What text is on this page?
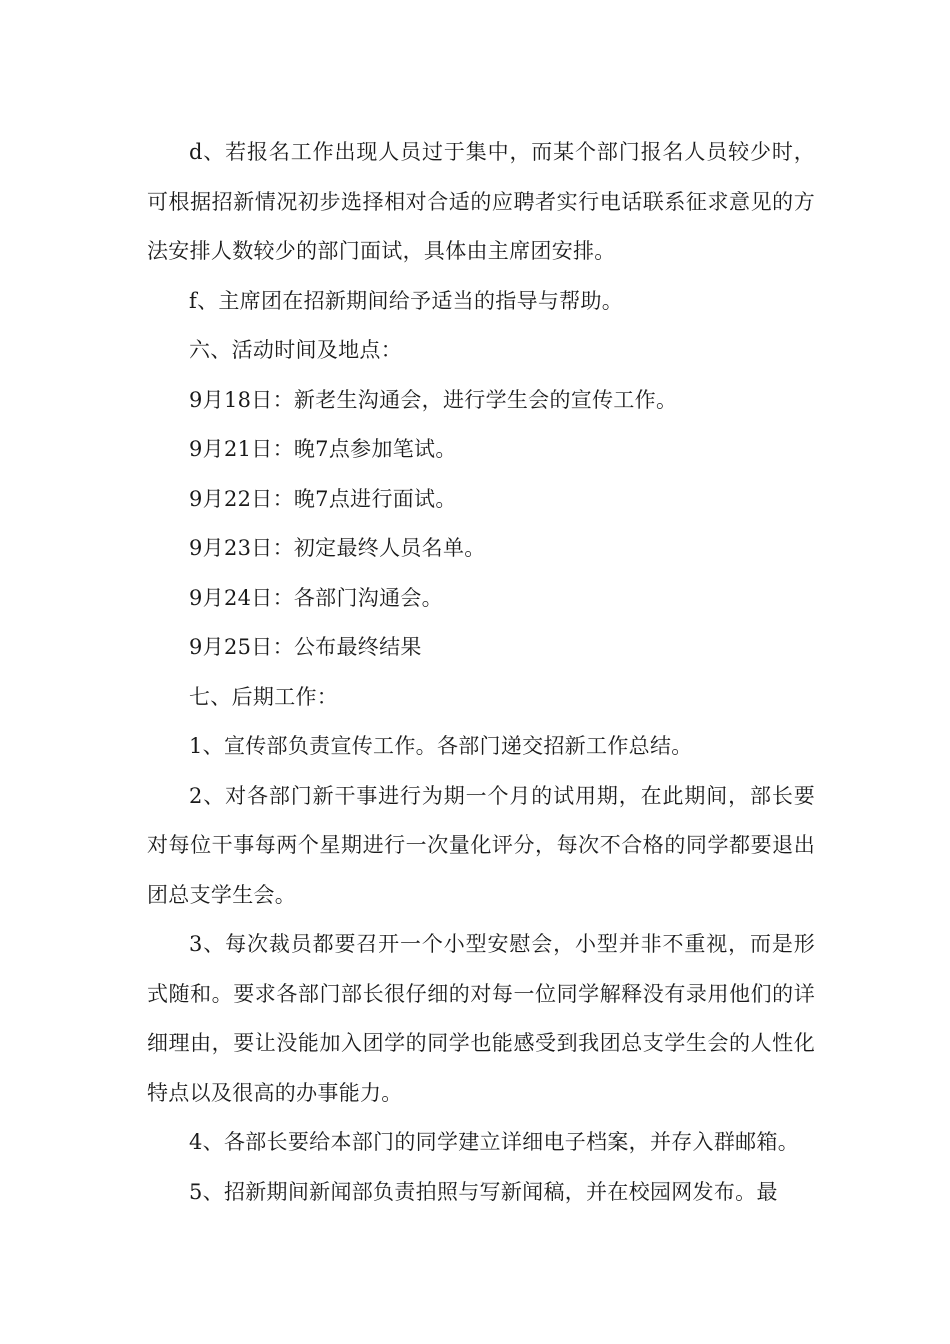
d、若报名工作出现人员过于集中，而某个部门报名人员较少时，可根据招新情况初步选择相对合适的应聘者实行电话联系征求意见的方法安排人数较少的部门面试，具体由主席团安排。

f、主席团在招新期间给予适当的指导与帮助。

六、活动时间及地点：

9月18日：新老生沟通会，进行学生会的宣传工作。

9月21日：晚7点参加笔试。

9月22日：晚7点进行面试。

9月23日：初定最终人员名单。

9月24日：各部门沟通会。

9月25日：公布最终结果

七、后期工作：

1、宣传部负责宣传工作。各部门递交招新工作总结。

2、对各部门新干事进行为期一个月的试用期，在此期间，部长要对每位干事每两个星期进行一次量化评分，每次不合格的同学都要退出团总支学生会。

3、每次裁员都要召开一个小型安慰会，小型并非不重视，而是形式随和。要求各部门部长很仔细的对每一位同学解释没有录用他们的详细理由，要让没能加入团学的同学也能感受到我团总支学生会的人性化特点以及很高的办事能力。

4、各部长要给本部门的同学建立详细电子档案，并存入群邮箱。

5、招新期间新闻部负责拍照与写新闻稿，并在校园网发布。最
